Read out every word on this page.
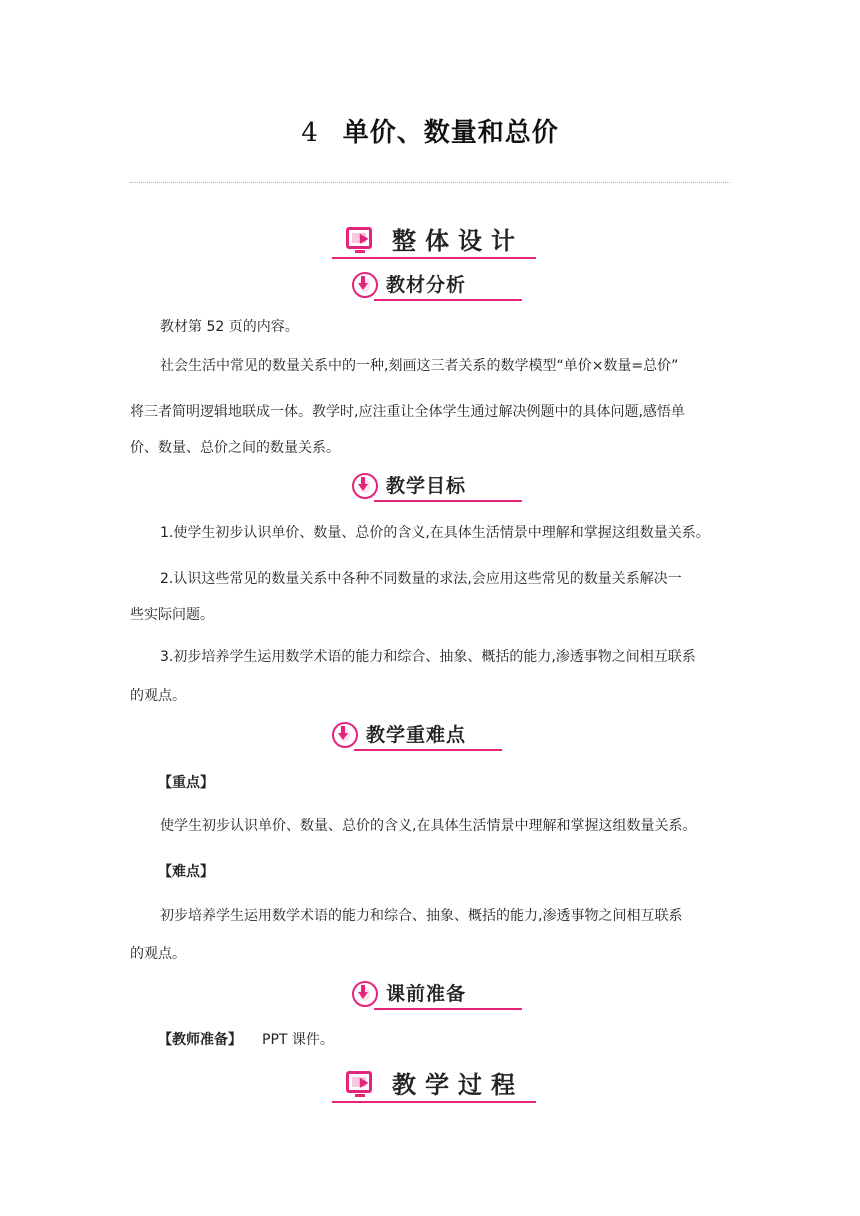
4 单价、数量和总价
整体设计
教材分析
教材第 52 页的内容。
社会生活中常见的数量关系中的一种,刻画这三者关系的数学模型“单价×数量=总价”
将三者简明逻辑地联成一体。教学时,应注重让全体学生通过解决例题中的具体问题,感悟单
价、数量、总价之间的数量关系。
教学目标
1.使学生初步认识单价、数量、总价的含义,在具体生活情景中理解和掌握这组数量关系。
2.认识这些常见的数量关系中各种不同数量的求法,会应用这些常见的数量关系解决一
些实际问题。
3.初步培养学生运用数学术语的能力和综合、抽象、概括的能力,渗透事物之间相互联系
的观点。
教学重难点
【重点】
使学生初步认识单价、数量、总价的含义,在具体生活情景中理解和掌握这组数量关系。
【难点】
初步培养学生运用数学术语的能力和综合、抽象、概括的能力,渗透事物之间相互联系
的观点。
课前准备
【教师准备】 PPT 课件。
教学过程
